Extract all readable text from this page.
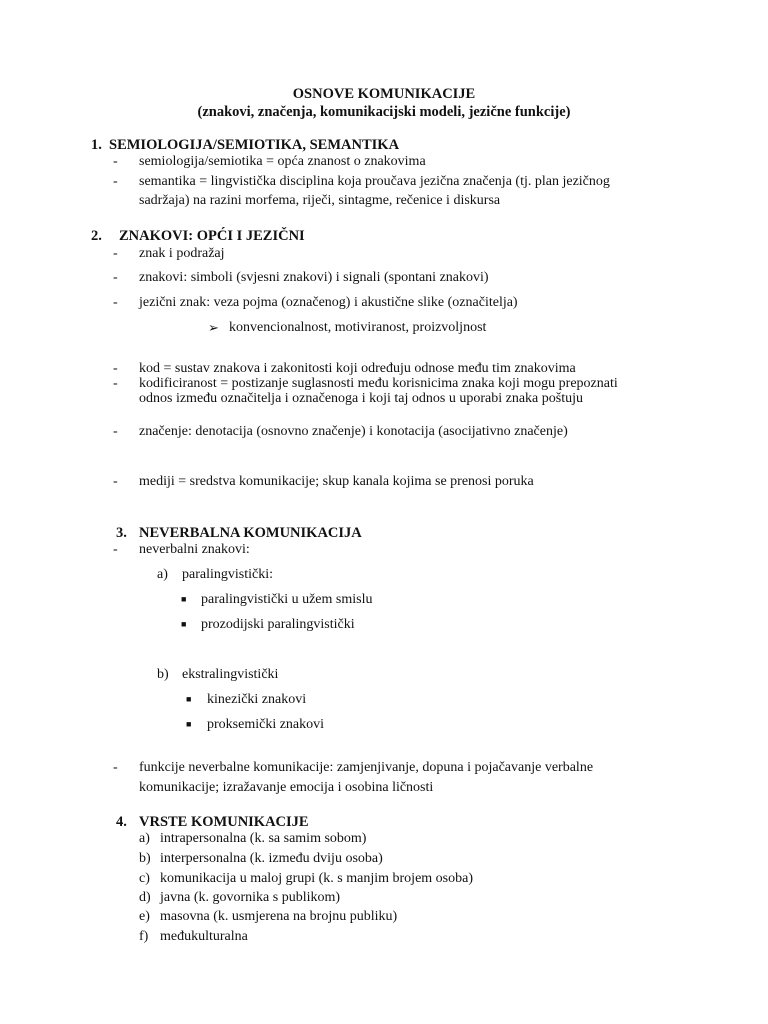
OSNOVE KOMUNIKACIJE
(znakovi, značenja, komunikacijski modeli, jezične funkcije)
1. SEMIOLOGIJA/SEMIOTIKA, SEMANTIKA
- semiologija/semiotika = opća znanost o znakovima
- semantika = lingvistička disciplina koja proučava jezična značenja (tj. plan jezičnog
sadržaja) na razini morfema, riječi, sintagme, rečenice i diskursa
2. ZNAKOVI: OPĆI I JEZIČNI
- znak i podražaj
- znakovi: simboli (svjesni znakovi) i signali (spontani znakovi)
- jezični znak: veza pojma (označenog) i akustične slike (označitelja)
➢ konvencionalnost, motiviranost, proizvoljnost
- kod = sustav znakova i zakonitosti koji određuju odnose među tim znakovima
- kodificiranost = postizanje suglasnosti među korisnicima znaka koji mogu prepoznati
odnos između označitelja i označenoga i koji taj odnos u uporabi znaka poštuju
- značenje: denotacija (osnovno značenje) i konotacija (asocijativno značenje)
- mediji = sredstva komunikacije; skup kanala kojima se prenosi poruka
3. NEVERBALNA KOMUNIKACIJA
- neverbalni znakovi:
a) paralingvistički:
■ paralingvistički u užem smislu
■ prozodijski paralingvistički
b) ekstralingvistički
■ kinezički znakovi
■ proksemički znakovi
- funkcije neverbalne komunikacije: zamjenjivanje, dopuna i pojačavanje verbalne
komunikacije; izražavanje emocija i osobina ličnosti
4. VRSTE KOMUNIKACIJE
a) intrapersonalna (k. sa samim sobom)
b) interpersonalna (k. između dviju osoba)
c) komunikacija u maloj grupi (k. s manjim brojem osoba)
d) javna (k. govornika s publikom)
e) masovna (k. usmjerena na brojnu publiku)
f) međukulturalna
